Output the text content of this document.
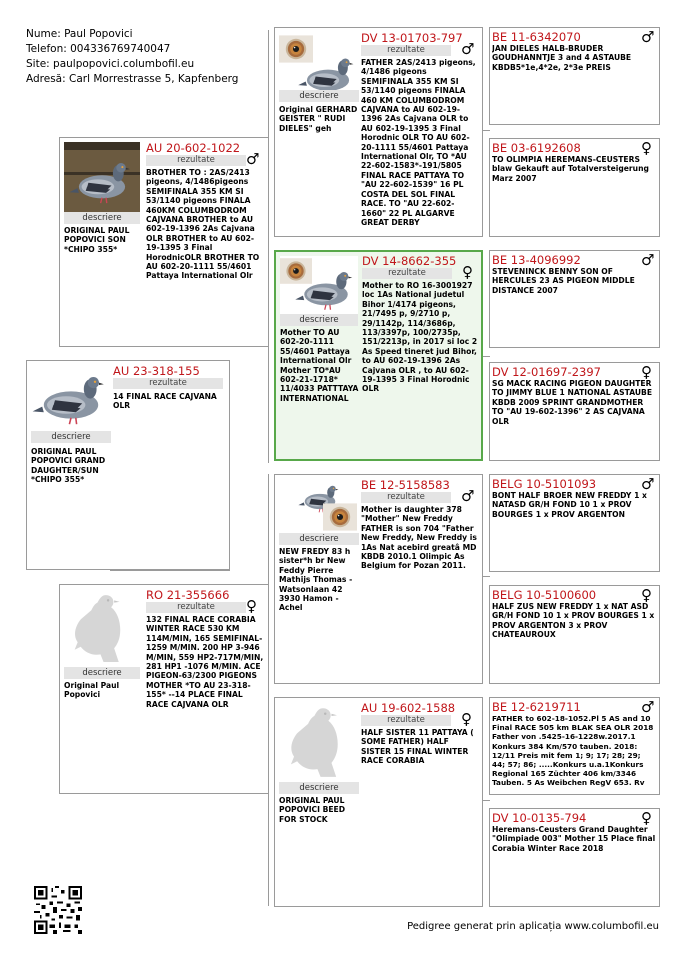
Nume: Paul Popovici
Telefon: 004336769740047
Site: paulpopovici.columbofil.eu
Adresă: Carl Morrestrasse 5, Kapfenberg
descriere
AU 23-318-155
rezultate
14 FINAL RACE CAJVANA OLR
ORIGINAL PAUL POPOVICI GRAND DAUGHTER/SUN *CHIPO 355*
descriere
ORIGINAL PAUL POPOVICI SON *CHIPO 355*
AU 20-602-1022
♂
rezultate
BROTHER TO : 2AS/2413 pigeons, 4/1486pigeons SEMIFINALA 355 KM SI 53/1140 pigeons FINALA 460KM COLUMBODROM CAJVANA BROTHER to AU 602-19-1396 2As Cajvana OLR BROTHER to AU 602-19-1395 3 Final HorodnicOLR BROTHER TO AU 602-20-1111 55/4601 Pattaya International Olr
descriere
Original Paul Popovici
RO 21-355666
♀
rezultate
132 FINAL RACE CORABIA WINTER RACE 530 KM 114M/MIN, 165 SEMIFINAL-1259 M/MIN. 200 HP 3-946 M/MIN, 559 HP2-717M/MIN, 281 HP1 -1076 M/MIN. ACE PIGEON-63/2300 PIGEONS MOTHER *TO AU 23-318-155* --14 PLACE FINAL RACE CAJVANA OLR
descriere
Original GERHARD GEISTER " RUDI DIELES" geh
DV 13-01703-797
♂
rezultate
FATHER 2AS/2413 pigeons, 4/1486 pigeons SEMIFINALA 355 KM SI 53/1140 pigeons FINALA 460 KM COLUMBODROM CAJVANA to AU 602-19-1396 2As Cajvana OLR to AU 602-19-1395 3 Final Horodnic OLR TO AU 602-20-1111 55/4601 Pattaya International Olr, TO *AU 22-602-1583*-191/5805 FINAL RACE PATTAYA TO "AU 22-602-1539" 16 PL COSTA DEL SOL FINAL RACE. TO "AU 22-602-1660" 22 PL ALGARVE GREAT DERBY
descriere
Mother TO AU 602-20-1111 55/4601 Pattaya International Olr Mother TO*AU 602-21-1718* 11/4033 PATTTAYA INTERNATIONAL
DV 14-8662-355
♀
rezultate
Mother to RO 16-3001927 loc 1As National judetul Bihor 1/4174 pigeons, 21/7495 p, 9/2710 p, 29/1142p, 114/3686p, 113/3397p, 100/2735p, 151/2213p, in 2017 si loc 2 As Speed tineret jud Bihor, to AU 602-19-1396 2As Cajvana OLR , to AU 602-19-1395 3 Final Horodnic OLR
descriere
NEW FREDY 83 h sister*h br New Feddy Pierre Mathijs Thomas - Watsonlaan 42 3930 Hamon - Achel
BE 12-5158583
♂
rezultate
Mother is daughter 378 "Mother" New Freddy FATHER is son 704 "Father New Freddy, New Freddy is 1As Nat acebird greatâ MD KBDB 2010.1 Olimpic As Belgium for Pozan 2011.
descriere
ORIGINAL PAUL POPOVICI BEED FOR STOCK
AU 19-602-1588
♀
rezultate
HALF SISTER 11 PATTAYA ( SOME FATHER) HALF SISTER 15 FINAL WINTER RACE CORABIA
BE 11-6342070	♂
JAN DIELES HALB-BRUDER GOUDHANNTJE 3 and 4 ASTAUBE KBDB5*1e,4*2e, 2*3e PREIS
BE 03-6192608	♀
TO OLIMPIA HEREMANS-CEUSTERS blaw Gekauft auf Totalversteigerung Marz 2007
BE 13-4096992	♂
STEVENINCK BENNY SON OF HERCULES 23 AS PIGEON MIDDLE DISTANCE 2007
DV 12-01697-2397	♀
SG MACK RACING PIGEON DAUGHTER TO JIMMY BLUE 1 NATIONAL ASTAUBE KBDB 2009 SPRINT GRANDMOTHER TO "AU 19-602-1396" 2 AS CAJVANA OLR
BELG 10-5101093	♂
BONT HALF BROER NEW FREDDY 1 x NATASD GR/H FOND 10 1 x PROV BOURGES 1 x PROV ARGENTON
BELG 10-5100600	♀
HALF ZUS NEW FREDDY 1 x NAT ASD GR/H FOND 10 1 x PROV BOURGES 1 x PROV ARGENTON 3 x PROV CHATEAUROUX
BE 12-6219711	♂
FATHER to 602-18-1052.Pl 5 AS and 10 Final RACE 505 km BLAK SEA OLR 2018 Father von .5425-16-1228w.2017.1 Konkurs 384 Km/570 tauben. 2018: 12/11 Preis mit fem 1; 9; 17; 28; 29; 44; 57; 86; .....Konkurs u.a.1Konkurs Regional 165 Züchter 406 km/3346 Tauben. 5 As Weibchen RegV 653. Rv
DV 10-0135-794	♀
Heremans-Ceusters Grand Daughter "Olimpiade 003" Mother 15 Place final Corabia Winter Race 2018
Pedigree generat prin aplicația www.columbofil.eu
